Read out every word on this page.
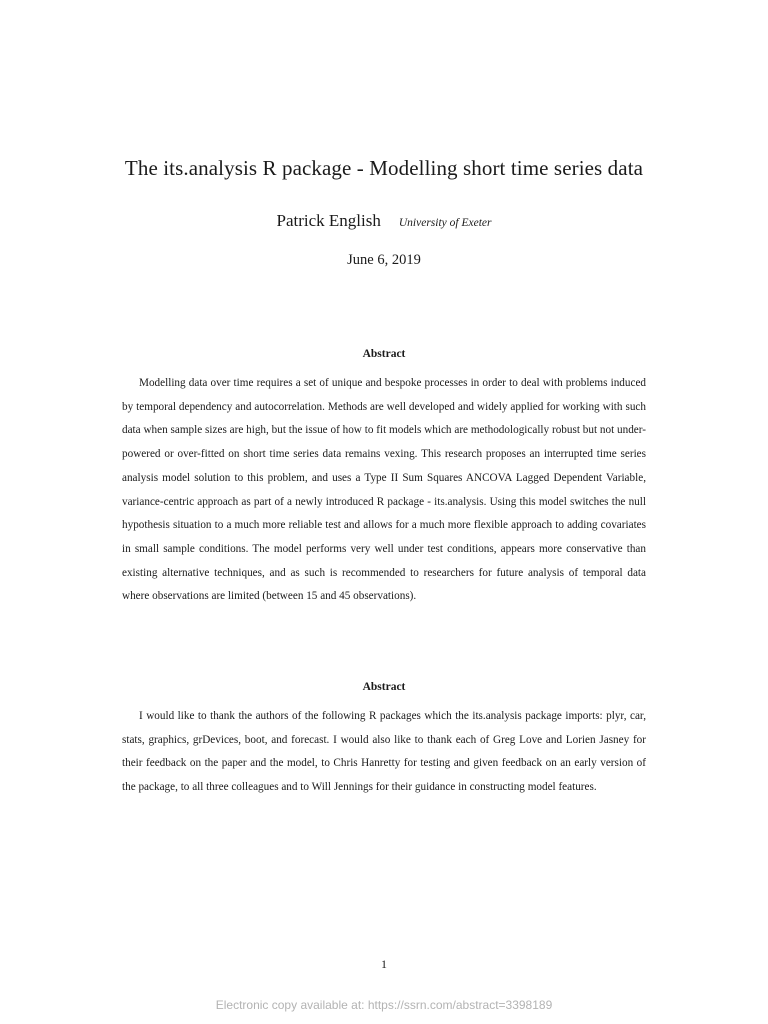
The its.analysis R package - Modelling short time series data
Patrick English University of Exeter
June 6, 2019
Abstract

Modelling data over time requires a set of unique and bespoke processes in order to deal with problems induced by temporal dependency and autocorrelation. Methods are well developed and widely applied for working with such data when sample sizes are high, but the issue of how to fit models which are methodologically robust but not under-powered or over-fitted on short time series data remains vexing. This research proposes an interrupted time series analysis model solution to this problem, and uses a Type II Sum Squares ANCOVA Lagged Dependent Variable, variance-centric approach as part of a newly introduced R package - its.analysis. Using this model switches the null hypothesis situation to a much more reliable test and allows for a much more flexible approach to adding covariates in small sample conditions. The model performs very well under test conditions, appears more conservative than existing alternative techniques, and as such is recommended to researchers for future analysis of temporal data where observations are limited (between 15 and 45 observations).

Abstract

I would like to thank the authors of the following R packages which the its.analysis package imports: plyr, car, stats, graphics, grDevices, boot, and forecast. I would also like to thank each of Greg Love and Lorien Jasney for their feedback on the paper and the model, to Chris Hanretty for testing and given feedback on an early version of the package, to all three colleagues and to Will Jennings for their guidance in constructing model features.

1
Electronic copy available at: https://ssrn.com/abstract=3398189
